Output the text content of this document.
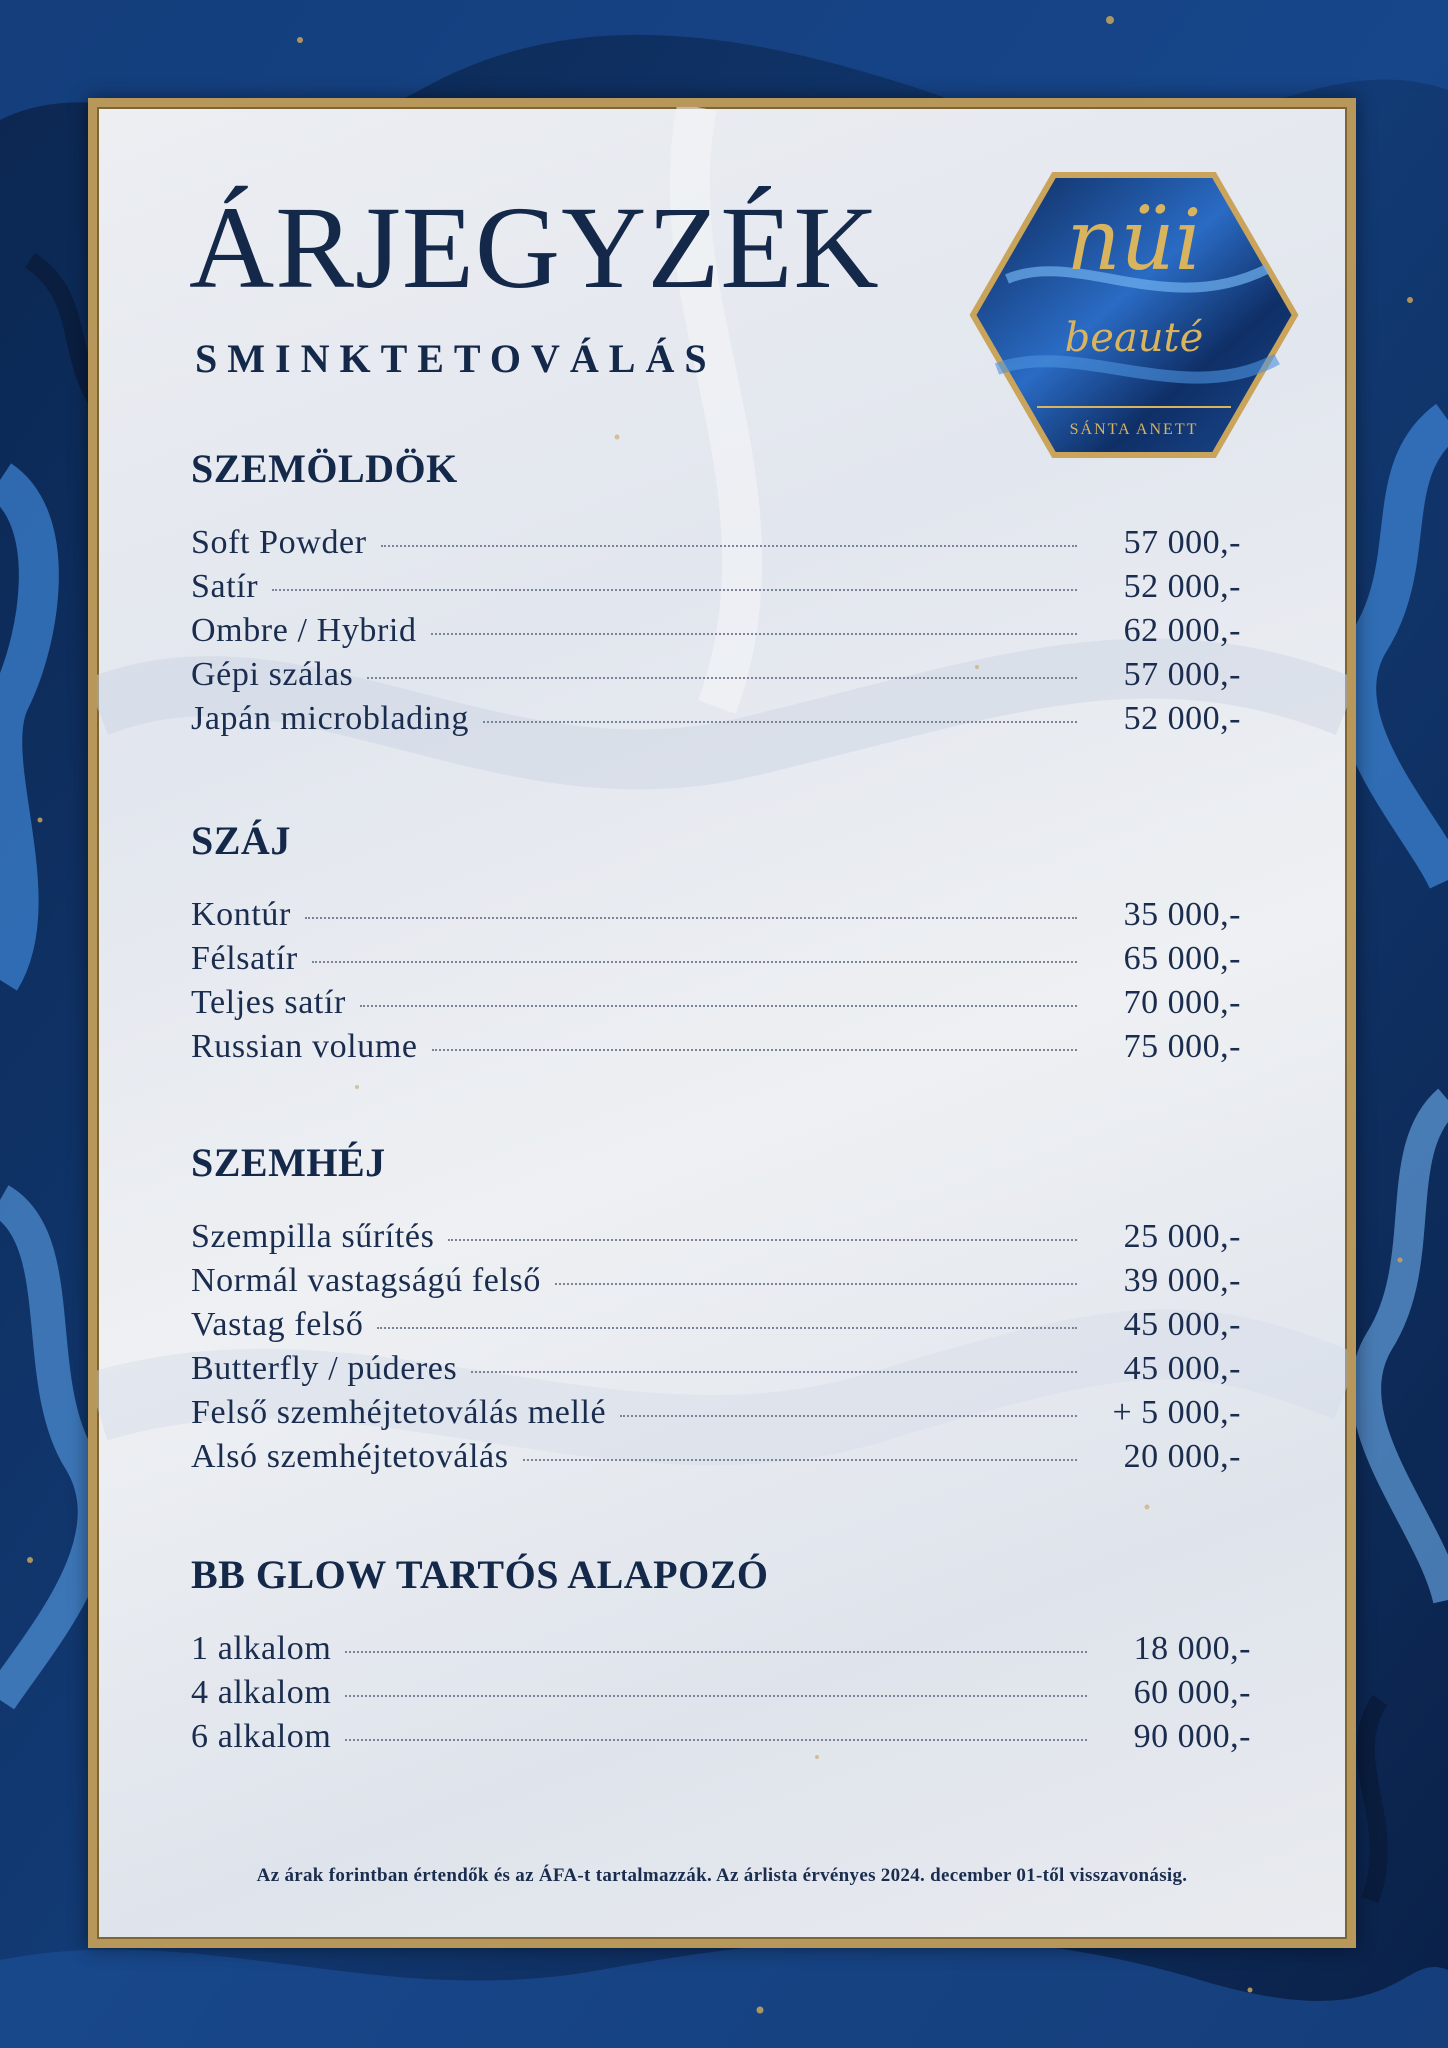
ÁRJEGYZÉK
SMINKTETOVÁLÁS
nüi
beauté
SÁNTA ANETT
SZEMÖLDÖK
Soft Powder	57 000,-
Satír	52 000,-
Ombre / Hybrid	62 000,-
Gépi szálas	57 000,-
Japán microblading	52 000,-
SZÁJ
Kontúr	35 000,-
Félsatír	65 000,-
Teljes satír	70 000,-
Russian volume	75 000,-
SZEMHÉJ
Szempilla sűrítés	25 000,-
Normál vastagságú felső	39 000,-
Vastag felső	45 000,-
Butterfly / púderes	45 000,-
Felső szemhéjtetoválás mellé	+ 5 000,-
Alsó szemhéjtetoválás	20 000,-
BB GLOW TARTÓS ALAPOZÓ
1 alkalom	18 000,-
4 alkalom	60 000,-
6 alkalom	90 000,-
Az árak forintban értendők és az ÁFA-t tartalmazzák. Az árlista érvényes 2024. december 01-től visszavonásig.
